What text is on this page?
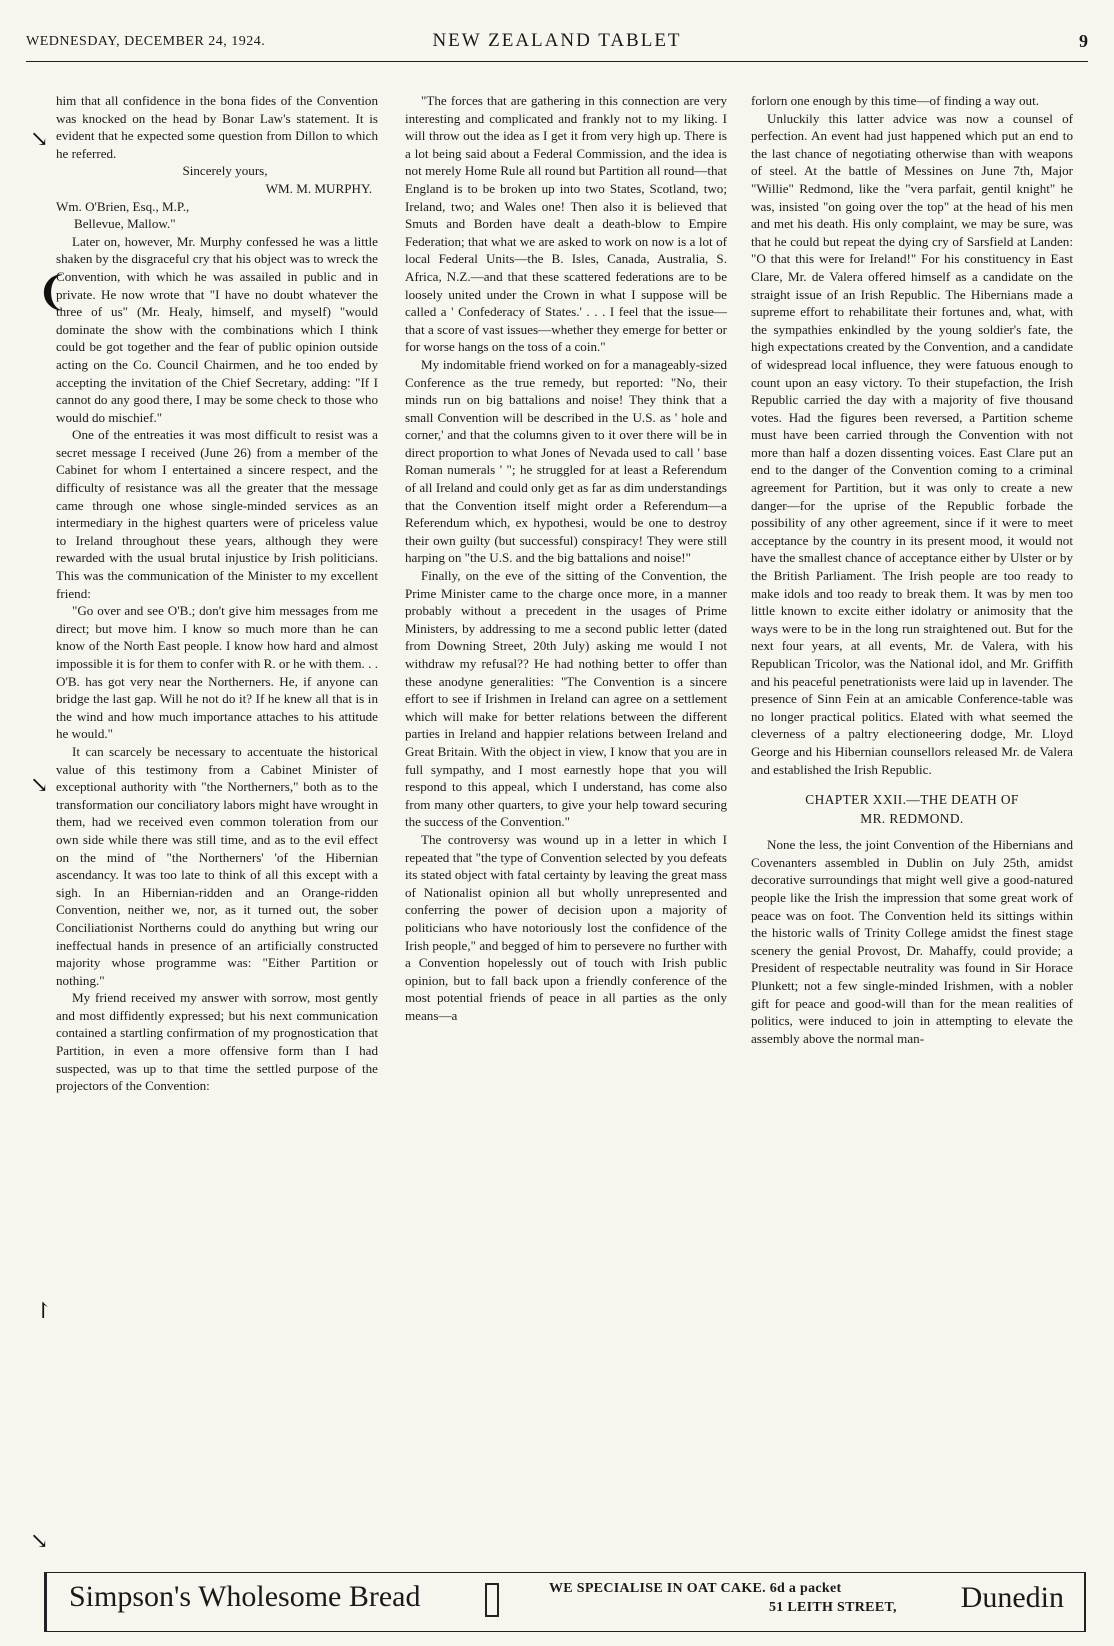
WEDNESDAY, DECEMBER 24, 1924.	NEW ZEALAND TABLET	9
↘
❨
↘
↾
↘

him that all confidence in the bona fides of the Convention was knocked on the head by Bonar Law's statement. It is evident that he expected some question from Dillon to which he referred.

Sincerely yours,

WM. M. MURPHY.

Wm. O'Brien, Esq., M.P.,

Bellevue, Mallow."

Later on, however, Mr. Murphy confessed he was a little shaken by the disgraceful cry that his object was to wreck the Convention, with which he was assailed in public and in private. He now wrote that "I have no doubt whatever the three of us" (Mr. Healy, himself, and myself) "would dominate the show with the combinations which I think could be got together and the fear of public opinion outside acting on the Co. Council Chairmen, and he too ended by accepting the invitation of the Chief Secretary, adding: "If I cannot do any good there, I may be some check to those who would do mischief."

One of the entreaties it was most difficult to resist was a secret message I received (June 26) from a member of the Cabinet for whom I entertained a sincere respect, and the difficulty of resistance was all the greater that the message came through one whose single-minded services as an intermediary in the highest quarters were of priceless value to Ireland throughout these years, although they were rewarded with the usual brutal injustice by Irish politicians. This was the communication of the Minister to my excellent friend:

"Go over and see O'B.; don't give him messages from me direct; but move him. I know so much more than he can know of the North East people. I know how hard and almost impossible it is for them to confer with R. or he with them. . . O'B. has got very near the Northerners. He, if anyone can bridge the last gap. Will he not do it? If he knew all that is in the wind and how much importance attaches to his attitude he would."

It can scarcely be necessary to accentuate the historical value of this testimony from a Cabinet Minister of exceptional authority with "the Northerners," both as to the transformation our conciliatory labors might have wrought in them, had we received even common toleration from our own side while there was still time, and as to the evil effect on the mind of "the Northerners' 'of the Hibernian ascendancy. It was too late to think of all this except with a sigh. In an Hibernian-ridden and an Orange-ridden Convention, neither we, nor, as it turned out, the sober Conciliationist Northerns could do anything but wring our ineffectual hands in presence of an artificially constructed majority whose programme was: "Either Partition or nothing."

My friend received my answer with sorrow, most gently and most diffidently expressed; but his next communication contained a startling confirmation of my prognostication that Partition, in even a more offensive form than I had suspected, was up to that time the settled purpose of the projectors of the Convention:

"The forces that are gathering in this connection are very interesting and complicated and frankly not to my liking. I will throw out the idea as I get it from very high up. There is a lot being said about a Federal Commission, and the idea is not merely Home Rule all round but Partition all round—that England is to be broken up into two States, Scotland, two; Ireland, two; and Wales one! Then also it is believed that Smuts and Borden have dealt a death-blow to Empire Federation; that what we are asked to work on now is a lot of local Federal Units—the B. Isles, Canada, Australia, S. Africa, N.Z.—and that these scattered federations are to be loosely united under the Crown in what I suppose will be called a ' Confederacy of States.' . . . I feel that the issue—that a score of vast issues—whether they emerge for better or for worse hangs on the toss of a coin."

My indomitable friend worked on for a manageably-sized Conference as the true remedy, but reported: "No, their minds run on big battalions and noise! They think that a small Convention will be described in the U.S. as ' hole and corner,' and that the columns given to it over there will be in direct proportion to what Jones of Nevada used to call ' base Roman numerals ' "; he struggled for at least a Referendum of all Ireland and could only get as far as dim understandings that the Convention itself might order a Referendum—a Referendum which, ex hypothesi, would be one to destroy their own guilty (but successful) conspiracy! They were still harping on "the U.S. and the big battalions and noise!"

Finally, on the eve of the sitting of the Convention, the Prime Minister came to the charge once more, in a manner probably without a precedent in the usages of Prime Ministers, by addressing to me a second public letter (dated from Downing Street, 20th July) asking me would I not withdraw my refusal?? He had nothing better to offer than these anodyne generalities: "The Convention is a sincere effort to see if Irishmen in Ireland can agree on a settlement which will make for better relations between the different parties in Ireland and happier relations between Ireland and Great Britain. With the object in view, I know that you are in full sympathy, and I most earnestly hope that you will respond to this appeal, which I understand, has come also from many other quarters, to give your help toward securing the success of the Convention."

The controversy was wound up in a letter in which I repeated that "the type of Convention selected by you defeats its stated object with fatal certainty by leaving the great mass of Nationalist opinion all but wholly unrepresented and conferring the power of decision upon a majority of politicians who have notoriously lost the confidence of the Irish people," and begged of him to persevere no further with a Convention hopelessly out of touch with Irish public opinion, but to fall back upon a friendly conference of the most potential friends of peace in all parties as the only means—a

forlorn one enough by this time—of finding a way out.

Unluckily this latter advice was now a counsel of perfection. An event had just happened which put an end to the last chance of negotiating otherwise than with weapons of steel. At the battle of Messines on June 7th, Major "Willie" Redmond, like the "vera parfait, gentil knight" he was, insisted "on going over the top" at the head of his men and met his death. His only complaint, we may be sure, was that he could but repeat the dying cry of Sarsfield at Landen: "O that this were for Ireland!" For his constituency in East Clare, Mr. de Valera offered himself as a candidate on the straight issue of an Irish Republic. The Hibernians made a supreme effort to rehabilitate their fortunes and, what, with the sympathies enkindled by the young soldier's fate, the high expectations created by the Convention, and a candidate of widespread local influence, they were fatuous enough to count upon an easy victory. To their stupefaction, the Irish Republic carried the day with a majority of five thousand votes. Had the figures been reversed, a Partition scheme must have been carried through the Convention with not more than half a dozen dissenting voices. East Clare put an end to the danger of the Convention coming to a criminal agreement for Partition, but it was only to create a new danger—for the uprise of the Republic forbade the possibility of any other agreement, since if it were to meet acceptance by the country in its present mood, it would not have the smallest chance of acceptance either by Ulster or by the British Parliament. The Irish people are too ready to make idols and too ready to break them. It was by men too little known to excite either idolatry or animosity that the ways were to be in the long run straightened out. But for the next four years, at all events, Mr. de Valera, with his Republican Tricolor, was the National idol, and Mr. Griffith and his peaceful penetrationists were laid up in lavender. The presence of Sinn Fein at an amicable Conference-table was no longer practical politics. Elated with what seemed the cleverness of a paltry electioneering dodge, Mr. Lloyd George and his Hibernian counsellors released Mr. de Valera and established the Irish Republic.

CHAPTER XXII.—THE DEATH OF
MR. REDMOND.

None the less, the joint Convention of the Hibernians and Covenanters assembled in Dublin on July 25th, amidst decorative surroundings that might well give a good-natured people like the Irish the impression that some great work of peace was on foot. The Convention held its sittings within the historic walls of Trinity College amidst the finest stage scenery the genial Provost, Dr. Mahaffy, could provide; a President of respectable neutrality was found in Sir Horace Plunkett; not a few single-minded Irishmen, with a nobler gift for peace and good-will than for the mean realities of politics, were induced to join in attempting to elevate the assembly above the normal man-

Simpson's Wholesome Bread	WE SPECIALISE IN OAT CAKE. 6d a packet
51 LEITH STREET, Dunedin
